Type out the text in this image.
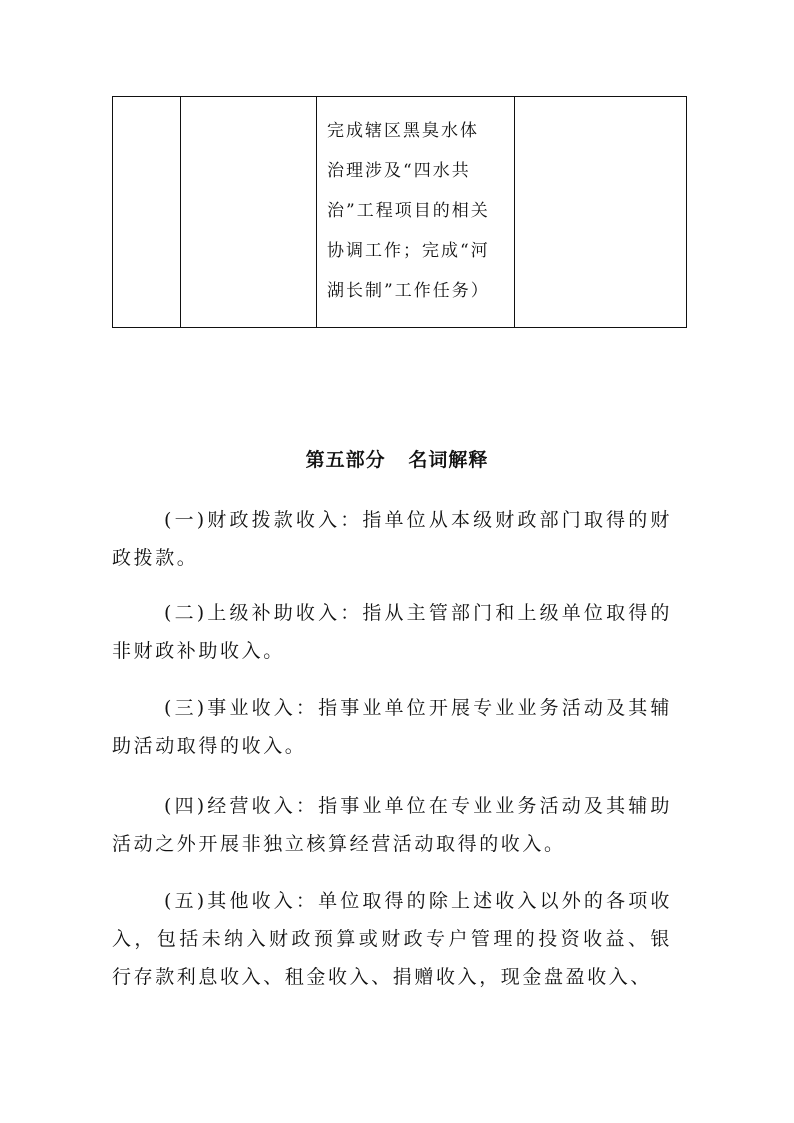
完成辖区黑臭水体治理涉及“四水共治”工程项目的相关协调工作；完成“河湖长制”工作任务）

第五部分   名词解释

(一)财政拨款收入：指单位从本级财政部门取得的财政拨款。

(二)上级补助收入：指从主管部门和上级单位取得的非财政补助收入。

(三)事业收入：指事业单位开展专业业务活动及其辅助活动取得的收入。

(四)经营收入：指事业单位在专业业务活动及其辅助活动之外开展非独立核算经营活动取得的收入。

(五)其他收入：单位取得的除上述收入以外的各项收入，包括未纳入财政预算或财政专户管理的投资收益、银行存款利息收入、租金收入、捐赠收入，现金盘盈收入、
